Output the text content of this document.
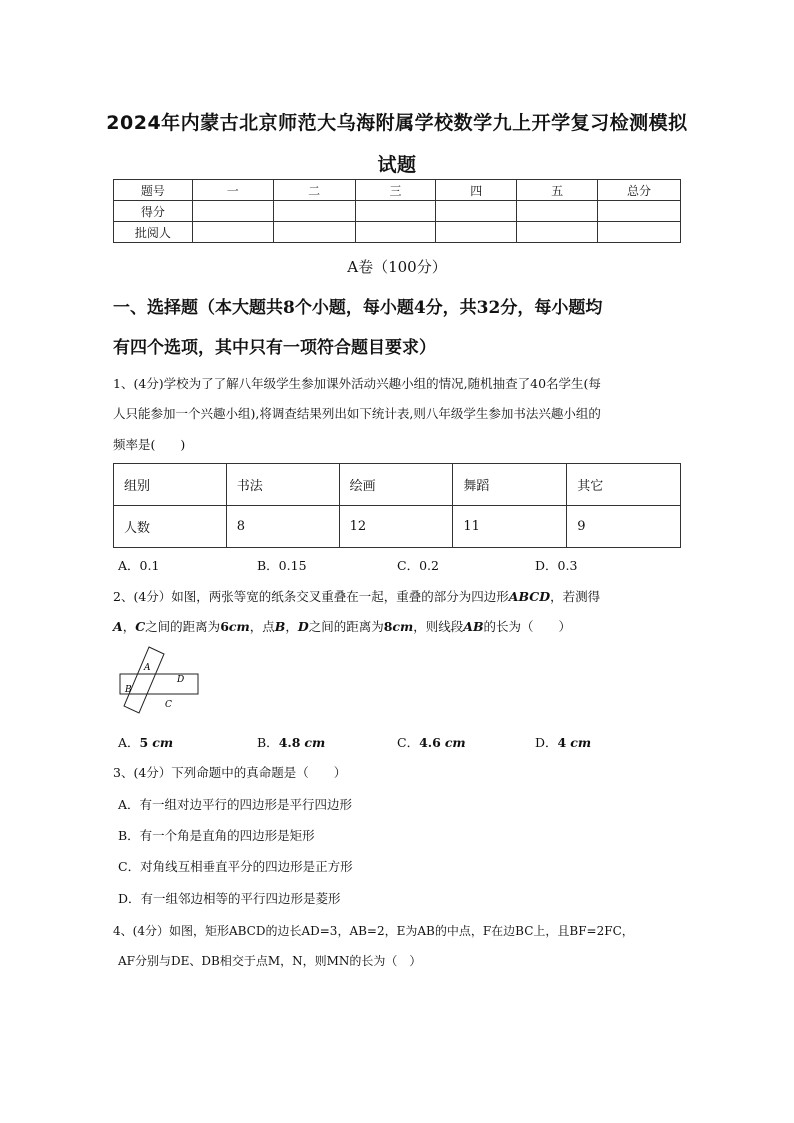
2024年内蒙古北京师范大乌海附属学校数学九上开学复习检测模拟
试题
题号	一	二	三	四	五	总分
得分						
批阅人						
A卷（100分）
一、选择题（本大题共8个小题，每小题4分，共32分，每小题均
有四个选项，其中只有一项符合题目要求）
1、(4分)学校为了了解八年级学生参加课外活动兴趣小组的情况,随机抽查了40名学生(每
人只能参加一个兴趣小组),将调查结果列出如下统计表,则八年级学生参加书法兴趣小组的
频率是(　　)
组别	书法	绘画	舞蹈	其它
人数	8	12	11	9
A．0.1	B．0.15	C．0.2	D．0.3
2、(4分）如图，两张等宽的纸条交叉重叠在一起，重叠的部分为四边形ABCD，若测得
A，C之间的距离为6cm，点B，D之间的距离为8cm，则线段AB的长为（　　）
A
B
C
D
A．5 cm	B．4.8 cm	C．4.6 cm	D．4 cm
3、(4分）下列命题中的真命题是（　　）
A．有一组对边平行的四边形是平行四边形
B．有一个角是直角的四边形是矩形
C．对角线互相垂直平分的四边形是正方形
D．有一组邻边相等的平行四边形是菱形
4、(4分）如图，矩形ABCD的边长AD=3，AB=2，E为AB的中点，F在边BC上，且BF=2FC，
AF分别与DE、DB相交于点M，N，则MN的长为（　）
